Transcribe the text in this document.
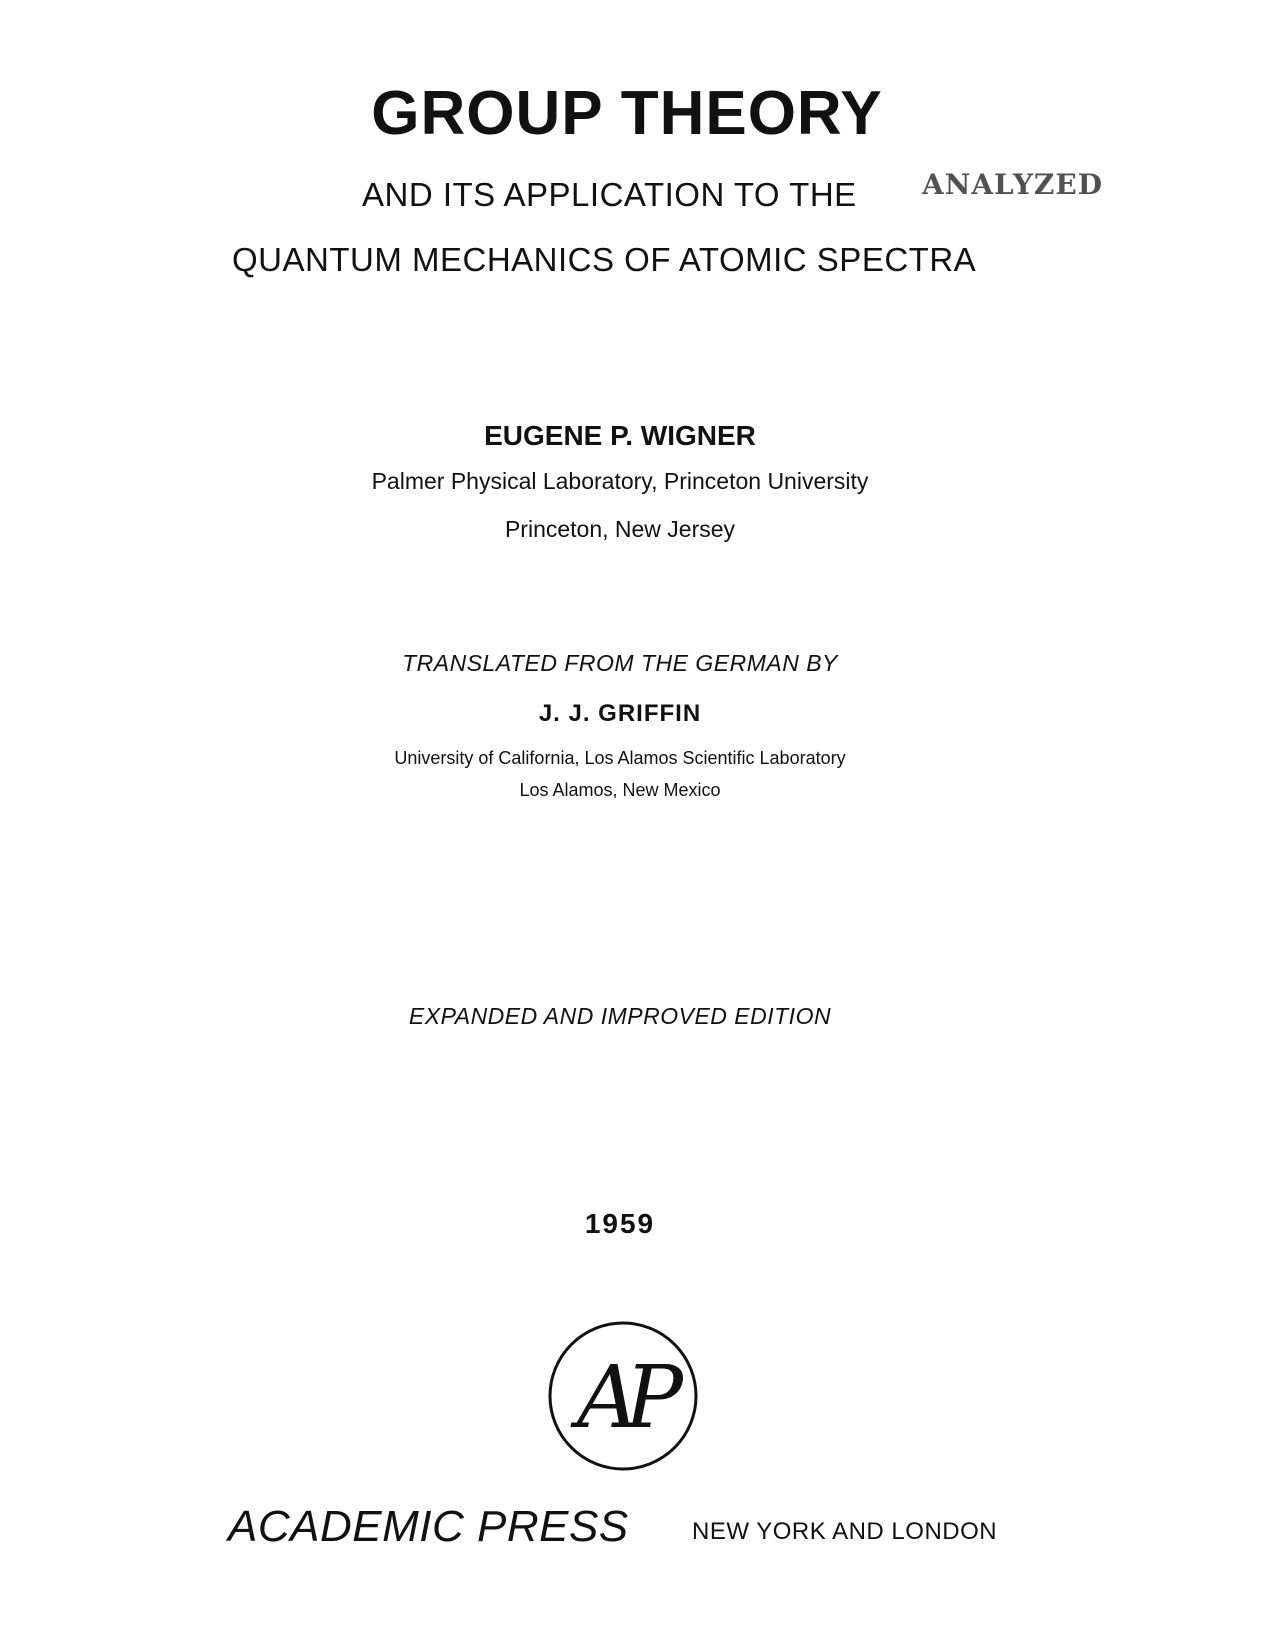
GROUP THEORY
AND ITS APPLICATION TO THE ANALYZED
QUANTUM MECHANICS OF ATOMIC SPECTRA
EUGENE P. WIGNER
Palmer Physical Laboratory, Princeton University
Princeton, New Jersey
TRANSLATED FROM THE GERMAN BY
J. J. GRIFFIN
University of California, Los Alamos Scientific Laboratory
Los Alamos, New Mexico
EXPANDED AND IMPROVED EDITION
1959
AP
ACADEMIC PRESS	NEW YORK AND LONDON
